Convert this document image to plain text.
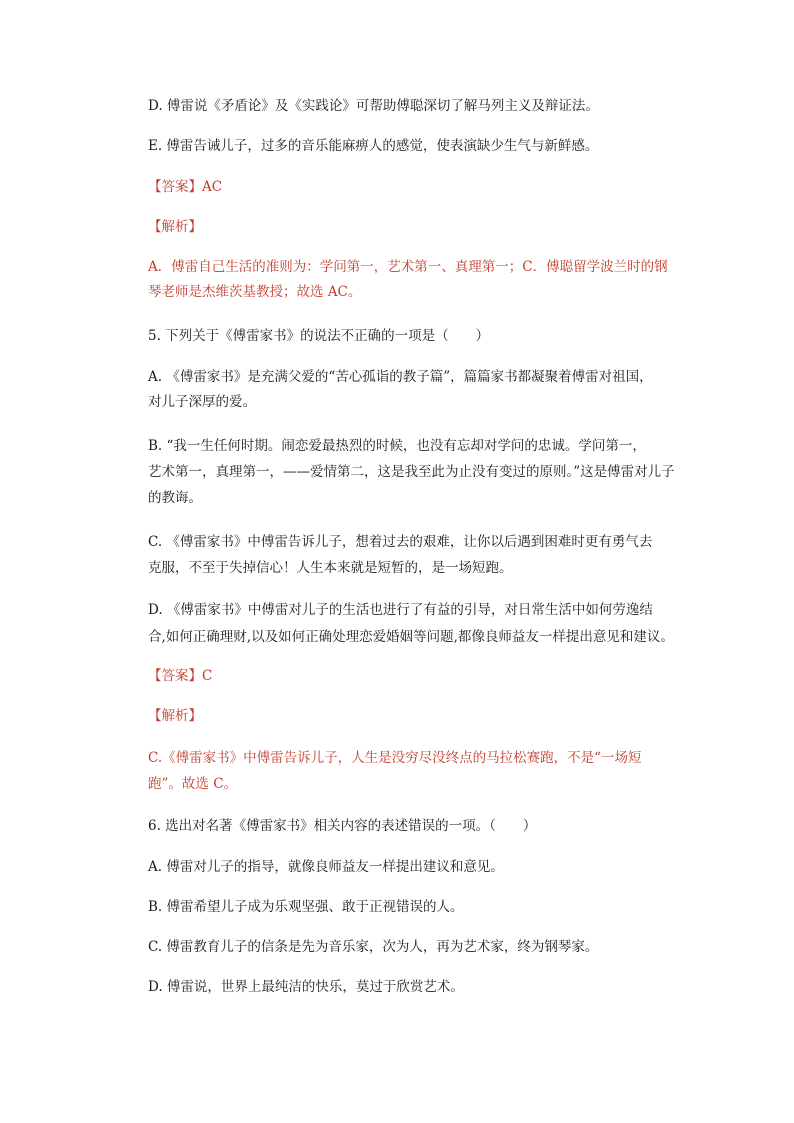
D. 傅雷说《矛盾论》及《实践论》可帮助傅聪深切了解马列主义及辩证法。
E. 傅雷告诫儿子，过多的音乐能麻痹人的感觉，使表演缺少生气与新鲜感。
【答案】AC
【解析】
A．傅雷自己生活的准则为：学问第一，艺术第一、真理第一；C．傅聪留学波兰时的钢
琴老师是杰维茨基教授；故选 AC。
5. 下列关于《傅雷家书》的说法不正确的一项是（　　）
A. 《傅雷家书》是充满父爱的“苦心孤诣的教子篇”，篇篇家书都凝聚着傅雷对祖国，
对儿子深厚的爱。
B. “我一生任何时期。闹恋爱最热烈的时候，也没有忘却对学问的忠诚。学问第一，
艺术第一，真理第一，——爱情第二，这是我至此为止没有变过的原则。”这是傅雷对儿子
的教诲。
C. 《傅雷家书》中傅雷告诉儿子，想着过去的艰难，让你以后遇到困难时更有勇气去
克服，不至于失掉信心！人生本来就是短暂的，是一场短跑。
D. 《傅雷家书》中傅雷对儿子的生活也进行了有益的引导，对日常生活中如何劳逸结
合,如何正确理财,以及如何正确处理恋爱婚姻等问题,都像良师益友一样提出意见和建议。
【答案】C
【解析】
C.《傅雷家书》中傅雷告诉儿子，人生是没穷尽没终点的马拉松赛跑，不是“一场短
跑”。故选 C。
6. 选出对名著《傅雷家书》相关内容的表述错误的一项。（　　）
A. 傅雷对儿子的指导，就像良师益友一样提出建议和意见。
B. 傅雷希望儿子成为乐观坚强、敢于正视错误的人。
C. 傅雷教育儿子的信条是先为音乐家，次为人，再为艺术家，终为钢琴家。
D. 傅雷说，世界上最纯洁的快乐，莫过于欣赏艺术。
